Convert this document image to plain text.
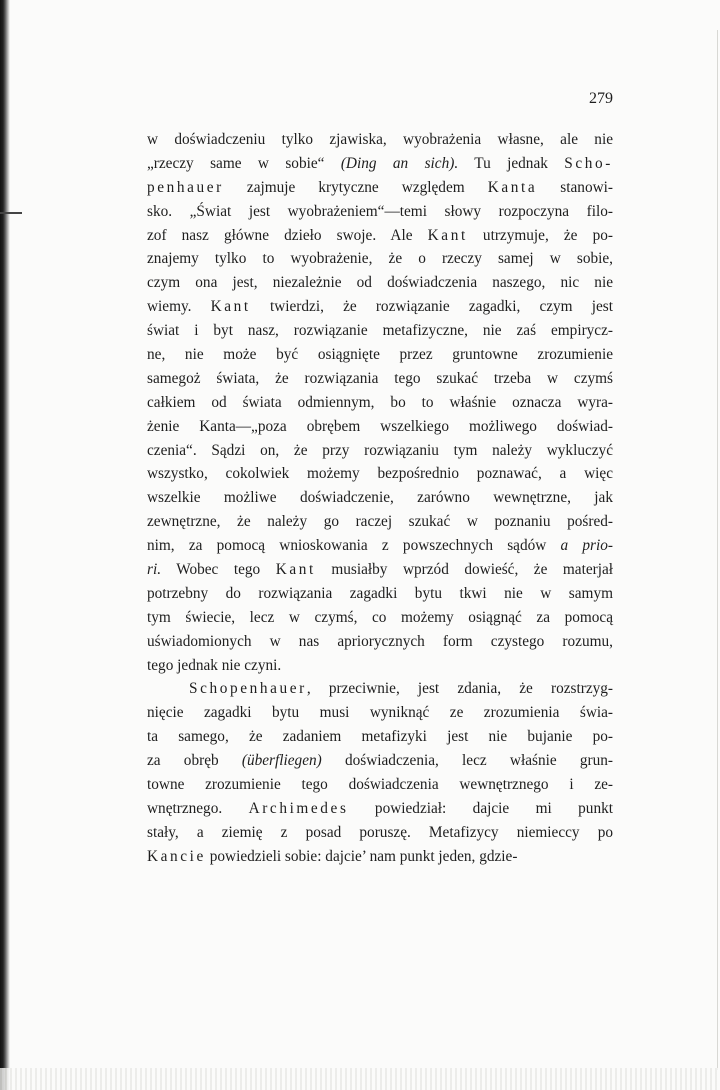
279
w doświadczeniu tylko zjawiska, wyobrażenia własne, ale nie
„rzeczy same w sobie“ (Ding an sich). Tu jednak Scho-
penhauer zajmuje krytyczne względem Kanta stanowi-
sko. „Świat jest wyobrażeniem“—temi słowy rozpoczyna filo-
zof nasz główne dzieło swoje. Ale Kant utrzymuje, że po-
znajemy tylko to wyobrażenie, że o rzeczy samej w sobie,
czym ona jest, niezależnie od doświadczenia naszego, nic nie
wiemy. Kant twierdzi, że rozwiązanie zagadki, czym jest
świat i byt nasz, rozwiązanie metafizyczne, nie zaś empirycz-
ne, nie może być osiągnięte przez gruntowne zrozumienie
samegoż świata, że rozwiązania tego szukać trzeba w czymś
całkiem od świata odmiennym, bo to właśnie oznacza wyra-
żenie Kanta—„poza obrębem wszelkiego możliwego doświad-
czenia“. Sądzi on, że przy rozwiązaniu tym należy wykluczyć
wszystko, cokolwiek możemy bezpośrednio poznawać, a więc
wszelkie możliwe doświadczenie, zarówno wewnętrzne, jak
zewnętrzne, że należy go raczej szukać w poznaniu pośred-
nim, za pomocą wnioskowania z powszechnych sądów a prio-
ri. Wobec tego Kant musiałby wprzód dowieść, że materjał
potrzebny do rozwiązania zagadki bytu tkwi nie w samym
tym świecie, lecz w czymś, co możemy osiągnąć za pomocą
uświadomionych w nas apriorycznych form czystego rozumu,
tego jednak nie czyni.
Schopenhauer, przeciwnie, jest zdania, że rozstrzyg-
nięcie zagadki bytu musi wyniknąć ze zrozumienia świa-
ta samego, że zadaniem metafizyki jest nie bujanie po-
za obręb (überfliegen) doświadczenia, lecz właśnie grun-
towne zrozumienie tego doświadczenia wewnętrznego i ze-
wnętrznego. Archimedes powiedział: dajcie mi punkt
stały, a ziemię z posad poruszę. Metafizycy niemieccy po
Kancie powiedzieli sobie: dajcie’ nam punkt jeden, gdzie-
